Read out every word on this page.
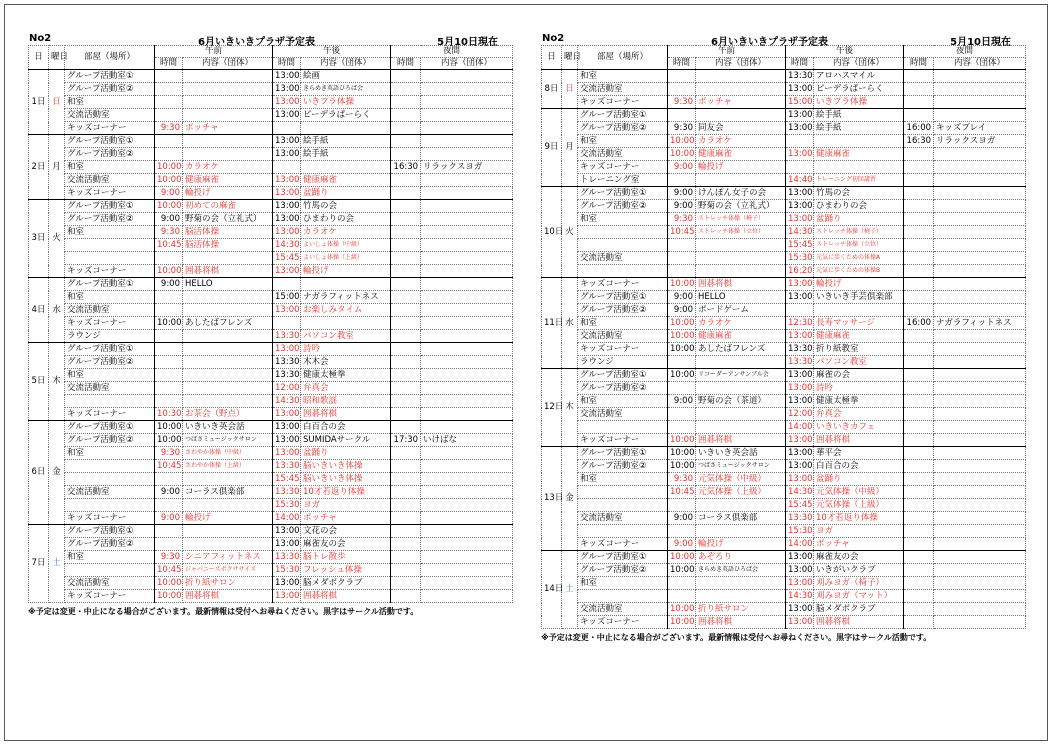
No2	6月いきいきプラザ予定表	5月10日現在
日	曜日	部屋（場所）	午前		午後		夜間	
			時間	内容（団体）	時間	内容（団体）	時間	内容（団体）
1日	日	グループ活動室①			13:00	絵画		
		グループ活動室②			13:00	きらめき英語ひろば会		
		和室			13:00	いきプラ体操		
		交流活動室			13:00	ピーデラぱーらく		
		キッズコーナー	9:30	ボッチャ				
2日	月	グループ活動室①			13:00	絵手紙		
		グループ活動室②			13:00	絵手紙		
		和室	10:00	カラオケ			16:30	リラックスヨガ
		交流活動室	10:00	健康麻雀	13:00	健康麻雀		
		キッズコーナー	9:00	輪投げ	13:00	盆踊り		
3日	火	グループ活動室①	10:00	初めての麻雀	13:00	竹馬の会		
		グループ活動室②	9:00	野菊の会（立礼式）	13:00	ひまわりの会		
		和室	9:30	脳活体操	13:00	カラオケ		
			10:45	脳活体操	14:30	よいしょ体操（中級）		
					15:45	よいしょ体操（上級）		
		キッズコーナー	10:00	囲碁将棋	13:00	輪投げ		
4日	水	グループ活動室①	9:00	HELLO				
		和室			15:00	ナガラフィットネス		
		交流活動室			13:00	お楽しみタイム		
		キッズコーナー	10:00	あしたばフレンズ				
		ラウンジ			13:30	パソコン教室		
5日	木	グループ活動室①			13:00	詩吟		
		グループ活動室②			13:30	木木会		
		和室			13:30	健康太極拳		
		交流活動室			12:00	弁真会		
					14:30	昭和歌謡		
		キッズコーナー	10:30	お茶会（野点）	13:00	囲碁将棋		
6日	金	グループ活動室①	10:00	いきいき英会話	13:00	白百合の会		
		グループ活動室②	10:00	つばさミュージックサロン	13:00	SUMIDAサークル	17:30	いけばな
		和室	9:30	さわやか体操（中級）	13:00	盆踊り		
			10:45	さわやか体操（上級）	13:30	脳いきいき体操		
					15:45	脳いきいき体操		
		交流活動室	9:00	コーラス倶楽部	13:30	10才若返り体操		
					15:30	ヨガ		
		キッズコーナー	9:00	輪投げ	14:00	ボッチャ		
7日	土	グループ活動室①			13:00	文花の会		
		グループ活動室②			13:00	麻雀友の会		
		和室	9:30	シニアフィットネス	13:30	脳トレ散歩		
			10:45	ジャパニーズボクササイズ	15:30	フレッシュ体操		
		交流活動室	10:00	折り紙サロン	13:00	脳メダボクラブ		
		キッズコーナー	10:00	囲碁将棋	13:00	囲碁将棋		
※予定は変更・中止になる場合がございます。最新情報は受付へお尋ねください。黒字はサークル活動です。
No2	6月いきいきプラザ予定表	5月10日現在
日	曜日	部屋（場所）	午前		午後		夜間	
			時間	内容（団体）	時間	内容（団体）	時間	内容（団体）
8日	日	和室			13:30	アロハスマイル		
		交流活動室			13:00	ピーデラぱーらく		
		キッズコーナー	9:30	ボッチャ	15:00	いきプラ体操		
9日	月	グループ活動室①			13:00	絵手紙		
		グループ活動室②	9:30	同友会	13:00	絵手紙	16:00	キッズプレイ
		和室	10:00	カラオケ			16:30	リラックスヨガ
		交流活動室	10:00	健康麻雀	13:00	健康麻雀		
		キッズコーナー	9:00	輪投げ				
		トレーニング室			14:40	トレーニング初回講習		
10日	火	グループ活動室①	9:00	けんぽん女子の会	13:00	竹馬の会		
		グループ活動室②	9:00	野菊の会（立礼式）	13:00	ひまわりの会		
		和室	9:30	ストレッチ体操（椅子）	13:00	盆踊り		
			10:45	ストレッチ体操（立位）	14:30	ストレッチ体操（椅子）		
					15:45	ストレッチ体操（立位）		
		交流活動室			15:30	元気に歩くための体操A		
					16:20	元気に歩くための体操B		
11日	水	キッズコーナー	10:00	囲碁将棋	13:00	輪投げ		
		グループ活動室①	9:00	HELLO	13:00	いきいき手芸倶楽部		
		グループ活動室②	9:00	ボードゲーム				
		和室	10:00	カラオケ	12:30	長寿マッサージ	16:00	ナガラフィットネス
		交流活動室	10:00	健康麻雀	13:00	健康麻雀		
		キッズコーナー	10:00	あしたばフレンズ	13:30	折り紙教室		
		ラウンジ			13:30	パソコン教室		
12日	木	グループ活動室①	10:00	リコーダーアンサンブル会	13:00	麻雀の会		
		グループ活動室②			13:00	詩吟		
		和室	9:00	野菊の会（茶道）	13:00	健康太極拳		
		交流活動室			12:00	弁真会		
					14:00	いきいきカフェ		
		キッズコーナー	10:00	囲碁将棋	13:00	囲碁将棋		
13日	金	グループ活動室①	10:00	いきいき英会話	13:00	華平会		
		グループ活動室②	10:00	つばさミュージックサロン	13:00	白百合の会		
		和室	9:30	元気体操（中級）	13:00	盆踊り		
			10:45	元気体操（上級）	14:30	元気体操（中級）		
					15:45	元気体操（上級）		
		交流活動室	9:00	コーラス倶楽部	13:30	10才若返り体操		
					15:30	ヨガ		
		キッズコーナー	9:00	輪投げ	14:00	ボッチャ		
14日	土	グループ活動室①	10:00	あぞろり	13:00	麻雀友の会		
		グループ活動室②	10:00	きらめき英語ひろば会	13:00	いきがいクラブ		
		和室			13:00	刈みヨガ（椅子）		
					14:30	刈みヨガ（マット）		
		交流活動室	10:00	折り紙サロン	13:00	脳メダボクラブ		
		キッズコーナー	10:00	囲碁将棋	13:00	囲碁将棋		
※予定は変更・中止になる場合がございます。最新情報は受付へお尋ねください。黒字はサークル活動です。
